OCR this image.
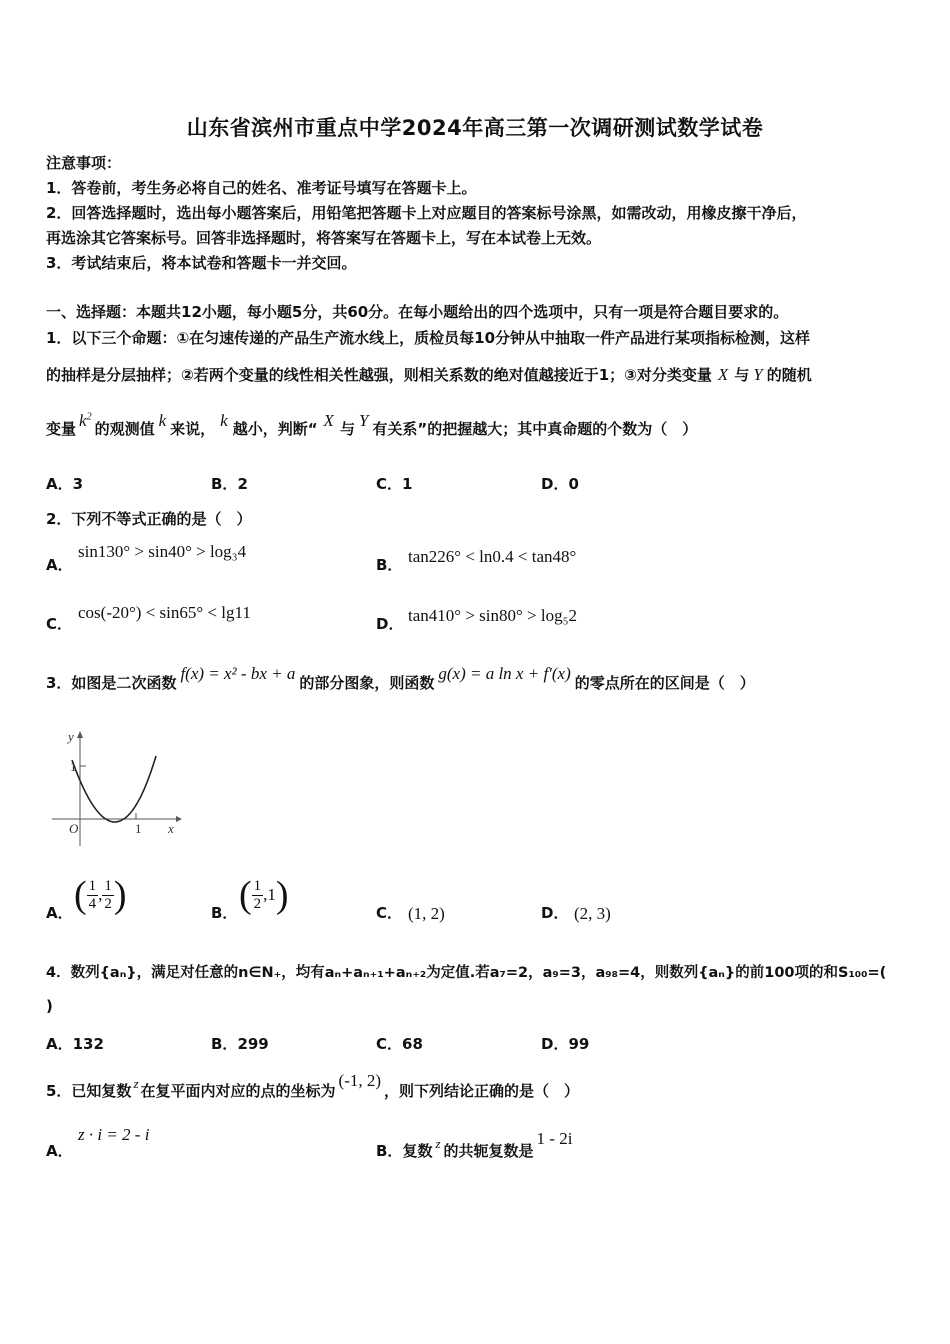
山东省滨州市重点中学2024年高三第一次调研测试数学试卷
注意事项：
1．答卷前，考生务必将自己的姓名、准考证号填写在答题卡上。
2．回答选择题时，选出每小题答案后，用铅笔把答题卡上对应题目的答案标号涂黑，如需改动，用橡皮擦干净后，
再选涂其它答案标号。回答非选择题时，将答案写在答题卡上，写在本试卷上无效。
3．考试结束后，将本试卷和答题卡一并交回。
一、选择题：本题共12小题，每小题5分，共60分。在每小题给出的四个选项中，只有一项是符合题目要求的。
1．以下三个命题：①在匀速传递的产品生产流水线上，质检员每10分钟从中抽取一件产品进行某项指标检测，这样
的抽样是分层抽样；②若两个变量的线性相关性越强，则相关系数的绝对值越接近于1；③对分类变量 X 与 Y 的随机
变量 $k^2$的观测值 k 来说， k 越小，判断“ X 与 Y 有关系”的把握越大；其中真命题的个数为（　）
A．3	B．2	C．1	D．0
2．下列不等式正确的是（　）
A．
sin130° > sin40° > log₃4
B． tan226° < ln0.4 < tan48°
C．
cos(-20°) < sin65° < lg11
D． tan410° > sin80° > log₅2
3．如图是二次函数 f(x) = x² - bx + a 的部分图象，则函数 g(x) = a ln x + f′(x) 的零点所在的区间是（　）
y
x
O
1
1
A． ( $\frac{1}{4}$ , $\frac{1}{2}$ )	B． ( $\frac{1}{2} ,1$)	C． (1, 2)	D． (2, 3)
4．数列{aₙ}，满足对任意的n∈N₊，均有aₙ+aₙ₊₁+aₙ₊₂为定值.若a₇=2，a₉=3，a₉₈=4，则数列{aₙ}的前100项的和S₁₀₀=(
)
A．132	B．299	C．68	D．99
5．已知复数 z 在复平面内对应的点的坐标为(-1, 2)，则下列结论正确的是（　）
A．
z · i = 2 - i
B．复数 z 的共轭复数是1 - 2i
